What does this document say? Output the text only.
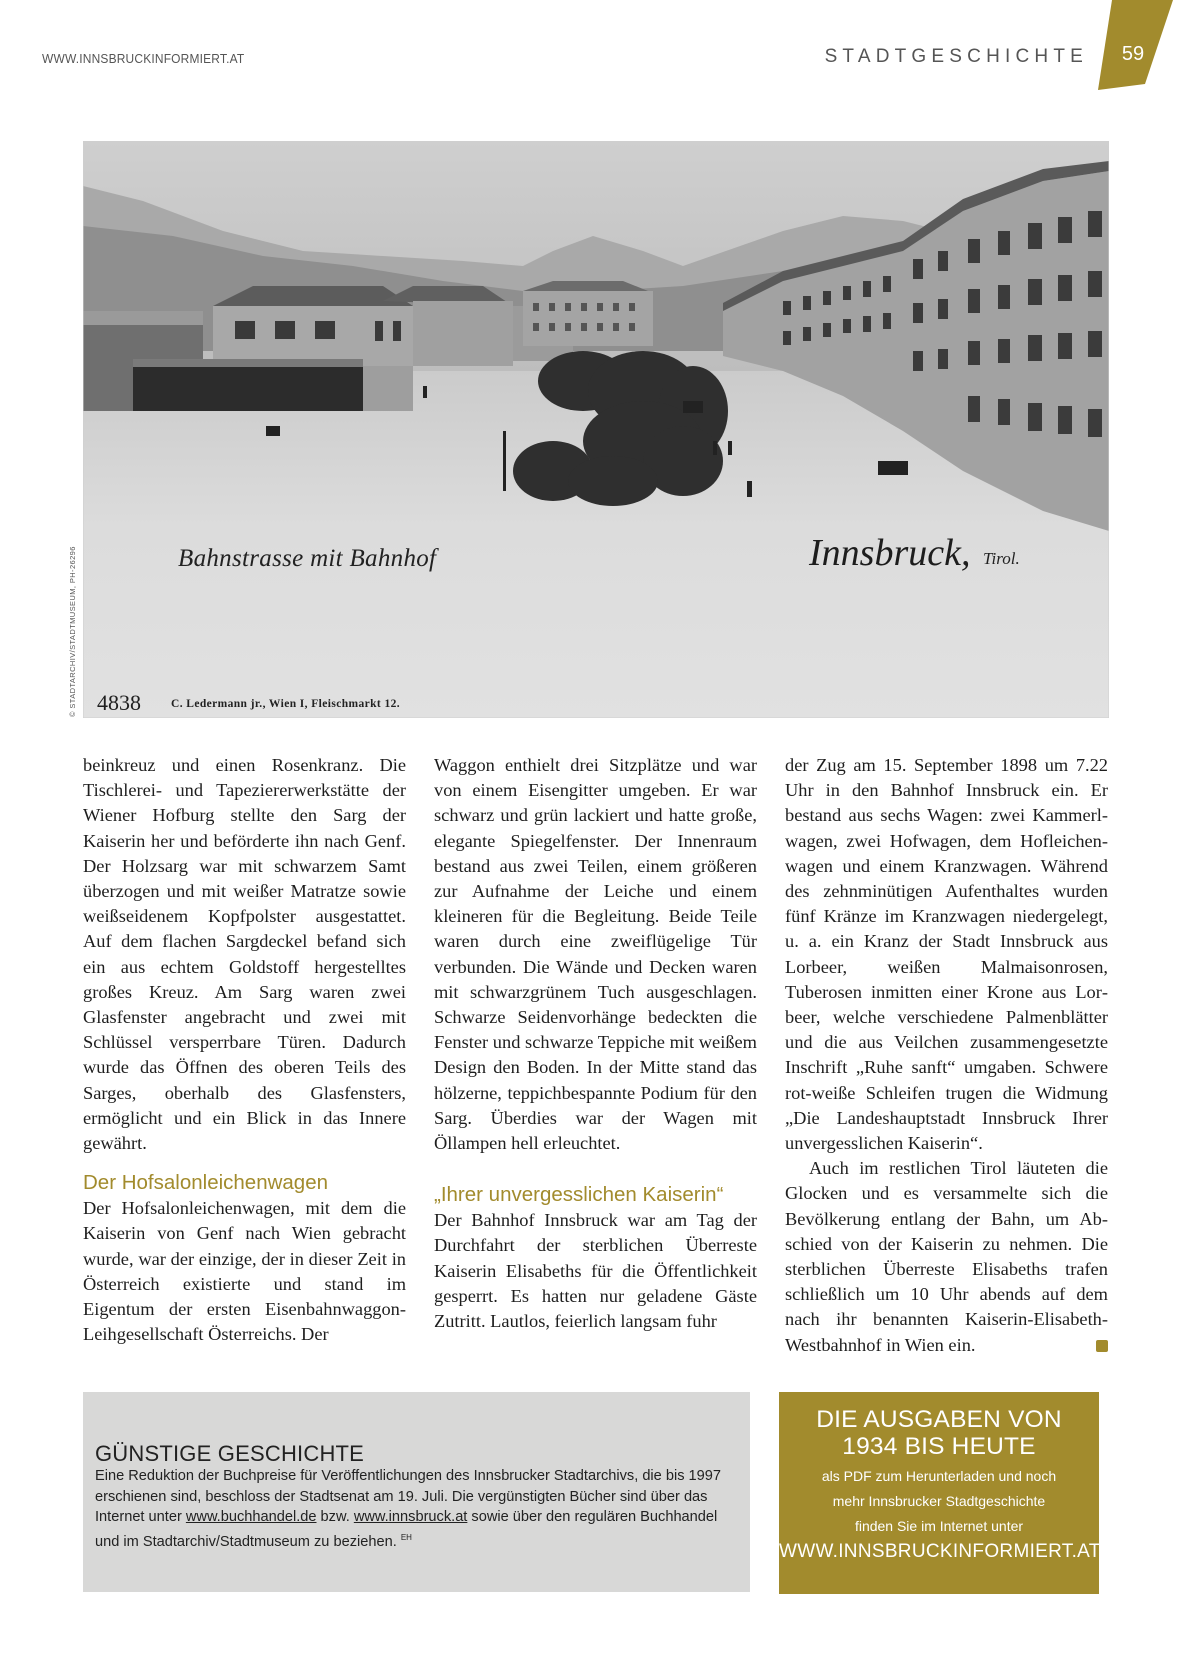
WWW.INNSBRUCKINFORMIERT.AT	STADTGESCHICHTE	59
Bahnstrasse mit Bahnhof	Innsbruck, Tirol.
4838	C. Ledermann jr., Wien I, Fleischmarkt 12.
© STADTARCHIV/STADTMUSEUM, PH-26296

beinkreuz und einen Rosenkranz. Die Tischlerei- und Tapeziererwerkstätte der Wiener Hofburg stellte den Sarg der Kaiserin her und beförderte ihn nach Genf. Der Holzsarg war mit schwarzem Samt überzogen und mit weißer Matratze sowie weißseidenem Kopfpolster ausgestattet. Auf dem flachen Sargdeckel befand sich ein aus echtem Goldstoff hergestelltes großes Kreuz. Am Sarg waren zwei Glasfenster angebracht und zwei mit Schlüssel versperrbare Türen. Dadurch wurde das Öffnen des oberen Teils des Sarges, oberhalb des Glasfensters, ermöglicht und ein Blick in das Innere gewährt.

Der Hofsalonleichenwagen

Der Hofsalonleichenwagen, mit dem die Kaiserin von Genf nach Wien gebracht wurde, war der einzige, der in dieser Zeit in Österreich existierte und stand im Eigentum der ersten Eisenbahnwaggon-Leihgesellschaft Österreichs. Der

Waggon enthielt drei Sitzplätze und war von einem Eisengitter umgeben. Er war schwarz und grün lackiert und hatte große, elegante Spiegelfenster. Der Innenraum bestand aus zwei Teilen, einem größeren zur Aufnahme der Leiche und einem kleineren für die Begleitung. Beide Teile waren durch eine zweiflügelige Tür verbunden. Die Wände und Decken waren mit schwarzgrünem Tuch ausgeschlagen. Schwarze Seidenvorhänge bedeckten die Fenster und schwarze Teppiche mit weißem Design den Boden. In der Mitte stand das hölzerne, teppichbespannte Podium für den Sarg. Überdies war der Wagen mit Öllampen hell erleuchtet.

„Ihrer unvergesslichen Kaiserin“

Der Bahnhof Innsbruck war am Tag der Durchfahrt der sterblichen Überreste Kaiserin Elisabeths für die Öffentlichkeit gesperrt. Es hatten nur geladene Gäste Zutritt. Lautlos, feierlich langsam fuhr

der Zug am 15. September 1898 um 7.22 Uhr in den Bahnhof Innsbruck ein. Er bestand aus sechs Wagen: zwei Kammerlwagen, zwei Hofwagen, dem Hofleichenwagen und einem Kranzwagen. Während des zehnminütigen Aufenthaltes wurden fünf Kränze im Kranzwagen niedergelegt, u. a. ein Kranz der Stadt Innsbruck aus Lorbeer, weißen Malmaisonrosen, Tuberosen inmitten einer Krone aus Lorbeer, welche verschiedene Palmenblätter und die aus Veilchen zusammengesetzte Inschrift „Ruhe sanft“ umgaben. Schwere rot-weiße Schleifen trugen die Widmung „Die Landeshauptstadt Innsbruck Ihrer unvergesslichen Kaiserin“.

Auch im restlichen Tirol läuteten die Glocken und es versammelte sich die Bevölkerung entlang der Bahn, um Abschied von der Kaiserin zu nehmen. Die sterblichen Überreste Elisabeths trafen schließlich um 10 Uhr abends auf dem nach ihr benannten Kaiserin-Elisabeth-Westbahnhof in Wien ein.

GÜNSTIGE GESCHICHTE

Eine Reduktion der Buchpreise für Veröffentlichungen des Innsbrucker Stadtarchivs, die bis 1997 erschienen sind, beschloss der Stadtsenat am 19. Juli. Die vergünstigten Bücher sind über das Internet unter www.buchhandel.de bzw. www.innsbruck.at sowie über den regulären Buchhandel und im Stadtarchiv/Stadtmuseum zu beziehen. $^{EH}$

DIE AUSGABEN VON
1934 BIS HEUTE
als PDF zum Herunterladen und noch
mehr Innsbrucker Stadtgeschichte
finden Sie im Internet unter
WWW.INNSBRUCKINFORMIERT.AT
